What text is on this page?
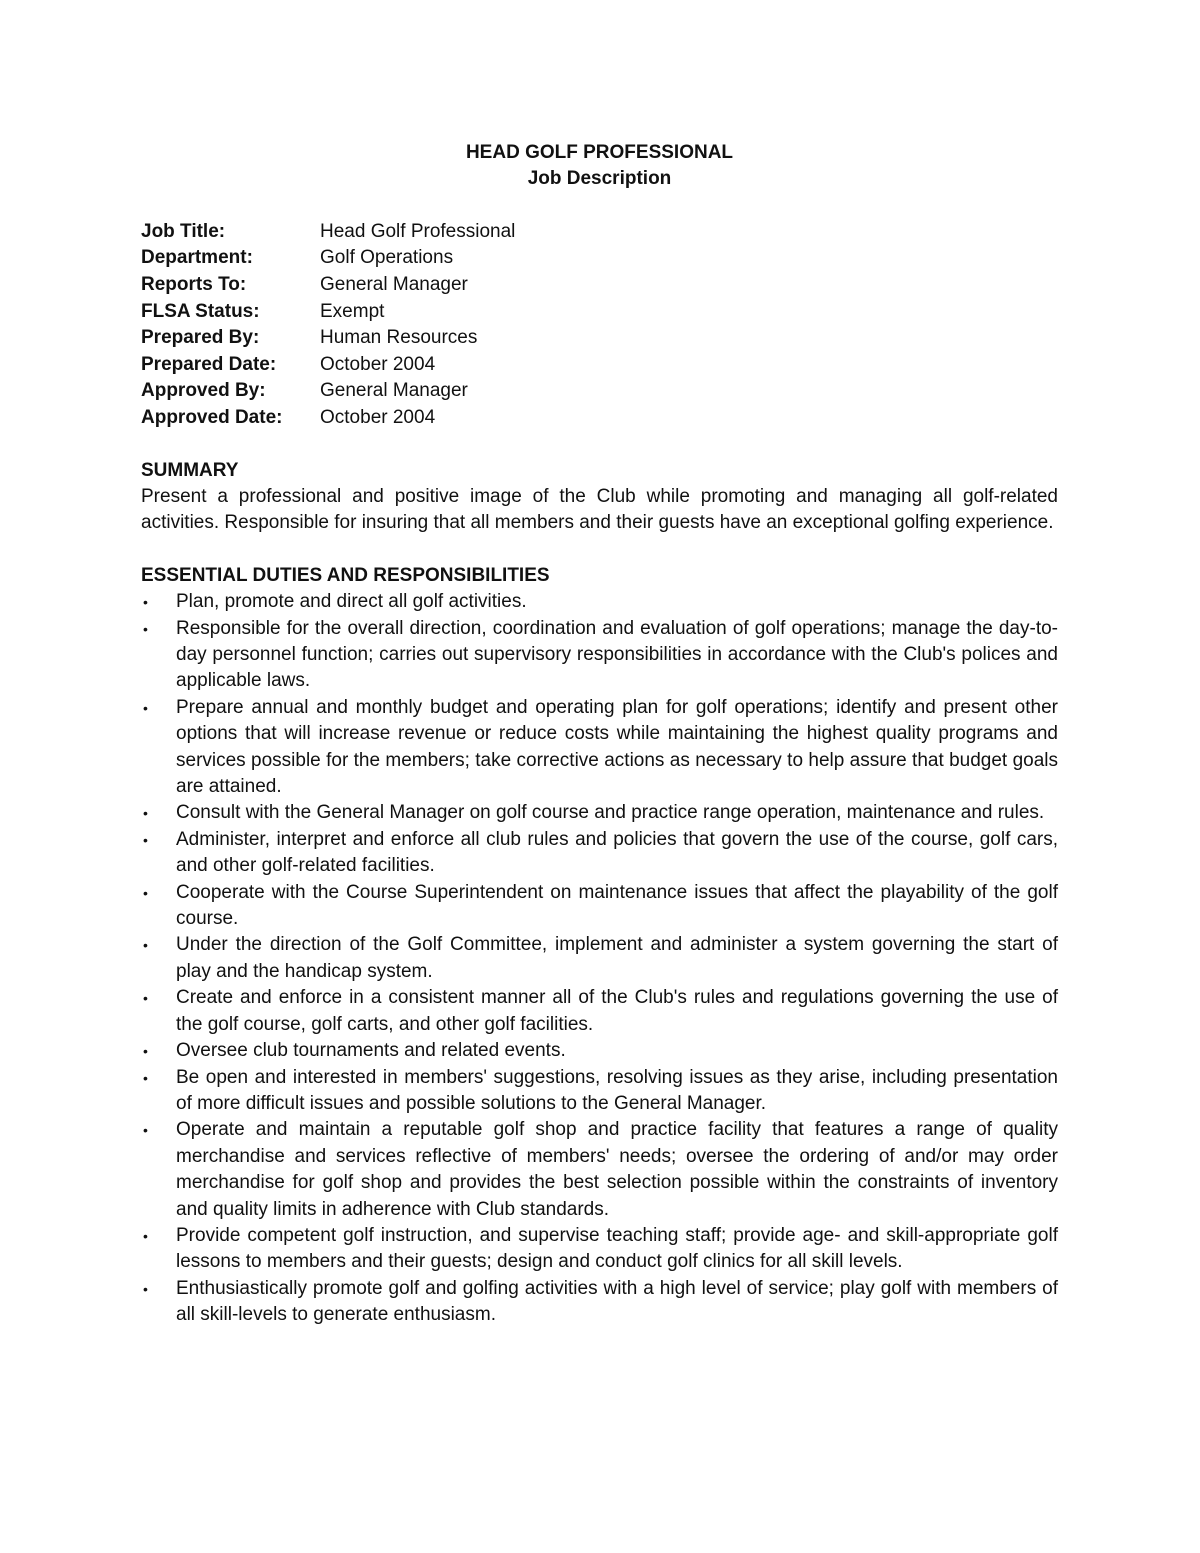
HEAD GOLF PROFESSIONAL
Job Description
Job Title:	Head Golf Professional
Department:	Golf Operations
Reports To:	General Manager
FLSA Status:	Exempt
Prepared By:	Human Resources
Prepared Date:	October 2004
Approved By:	General Manager
Approved Date:	October 2004
SUMMARY

Present a professional and positive image of the Club while promoting and managing all golf-related activities. Responsible for insuring that all members and their guests have an exceptional golfing experience.

ESSENTIAL DUTIES AND RESPONSIBILITIES
• Plan, promote and direct all golf activities.
• Responsible for the overall direction, coordination and evaluation of golf operations; manage the day-to-day personnel function; carries out supervisory responsibilities in accordance with the Club's polices and applicable laws.
• Prepare annual and monthly budget and operating plan for golf operations; identify and present other options that will increase revenue or reduce costs while maintaining the highest quality programs and services possible for the members; take corrective actions as necessary to help assure that budget goals are attained.
• Consult with the General Manager on golf course and practice range operation, maintenance and rules.
• Administer, interpret and enforce all club rules and policies that govern the use of the course, golf cars, and other golf-related facilities.
• Cooperate with the Course Superintendent on maintenance issues that affect the playability of the golf course.
• Under the direction of the Golf Committee, implement and administer a system governing the start of play and the handicap system.
• Create and enforce in a consistent manner all of the Club's rules and regulations governing the use of the golf course, golf carts, and other golf facilities.
• Oversee club tournaments and related events.
• Be open and interested in members' suggestions, resolving issues as they arise, including presentation of more difficult issues and possible solutions to the General Manager.
• Operate and maintain a reputable golf shop and practice facility that features a range of quality merchandise and services reflective of members' needs; oversee the ordering of and/or may order merchandise for golf shop and provides the best selection possible within the constraints of inventory and quality limits in adherence with Club standards.
• Provide competent golf instruction, and supervise teaching staff; provide age- and skill-appropriate golf lessons to members and their guests; design and conduct golf clinics for all skill levels.
• Enthusiastically promote golf and golfing activities with a high level of service; play golf with members of all skill-levels to generate enthusiasm.
